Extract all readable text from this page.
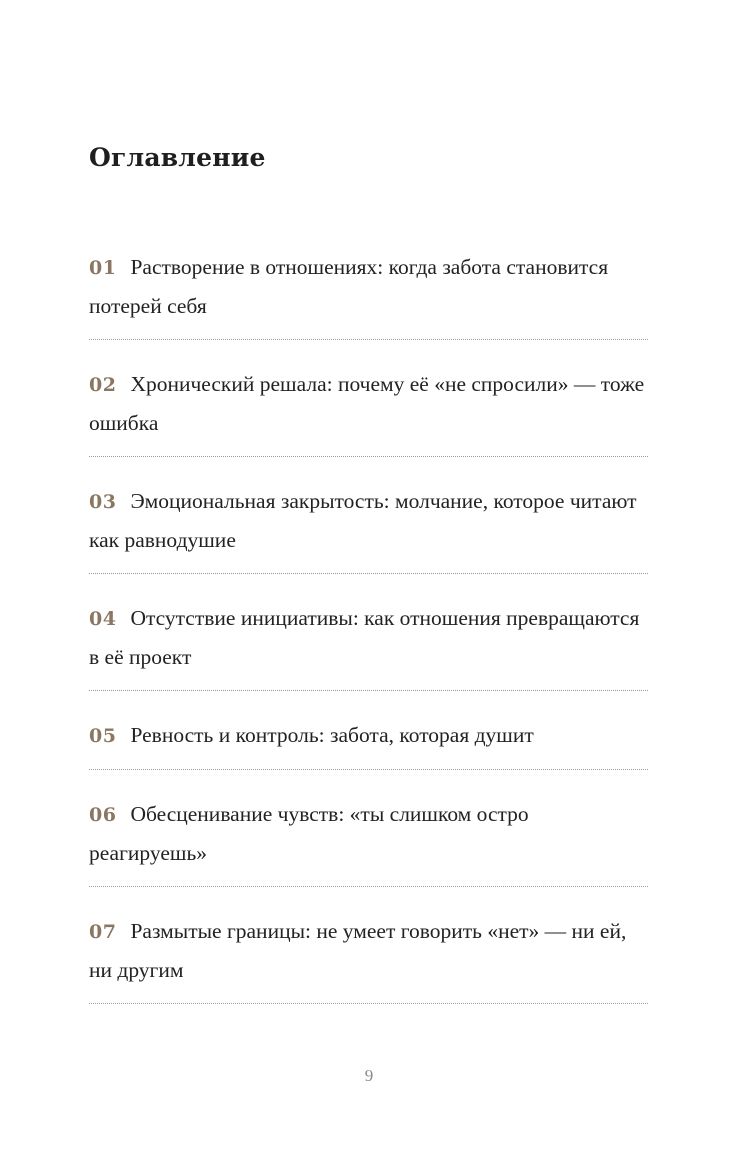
Оглавление
01 Растворение в отношениях: когда забота становится потерей себя
02 Хронический решала: почему её «не спросили» — тоже ошибка
03 Эмоциональная закрытость: молчание, которое читают как равнодушие
04 Отсутствие инициативы: как отношения превращаются в её проект
05 Ревность и контроль: забота, которая душит
06 Обесценивание чувств: «ты слишком остро реагируешь»
07 Размытые границы: не умеет говорить «нет» — ни ей, ни другим
9
